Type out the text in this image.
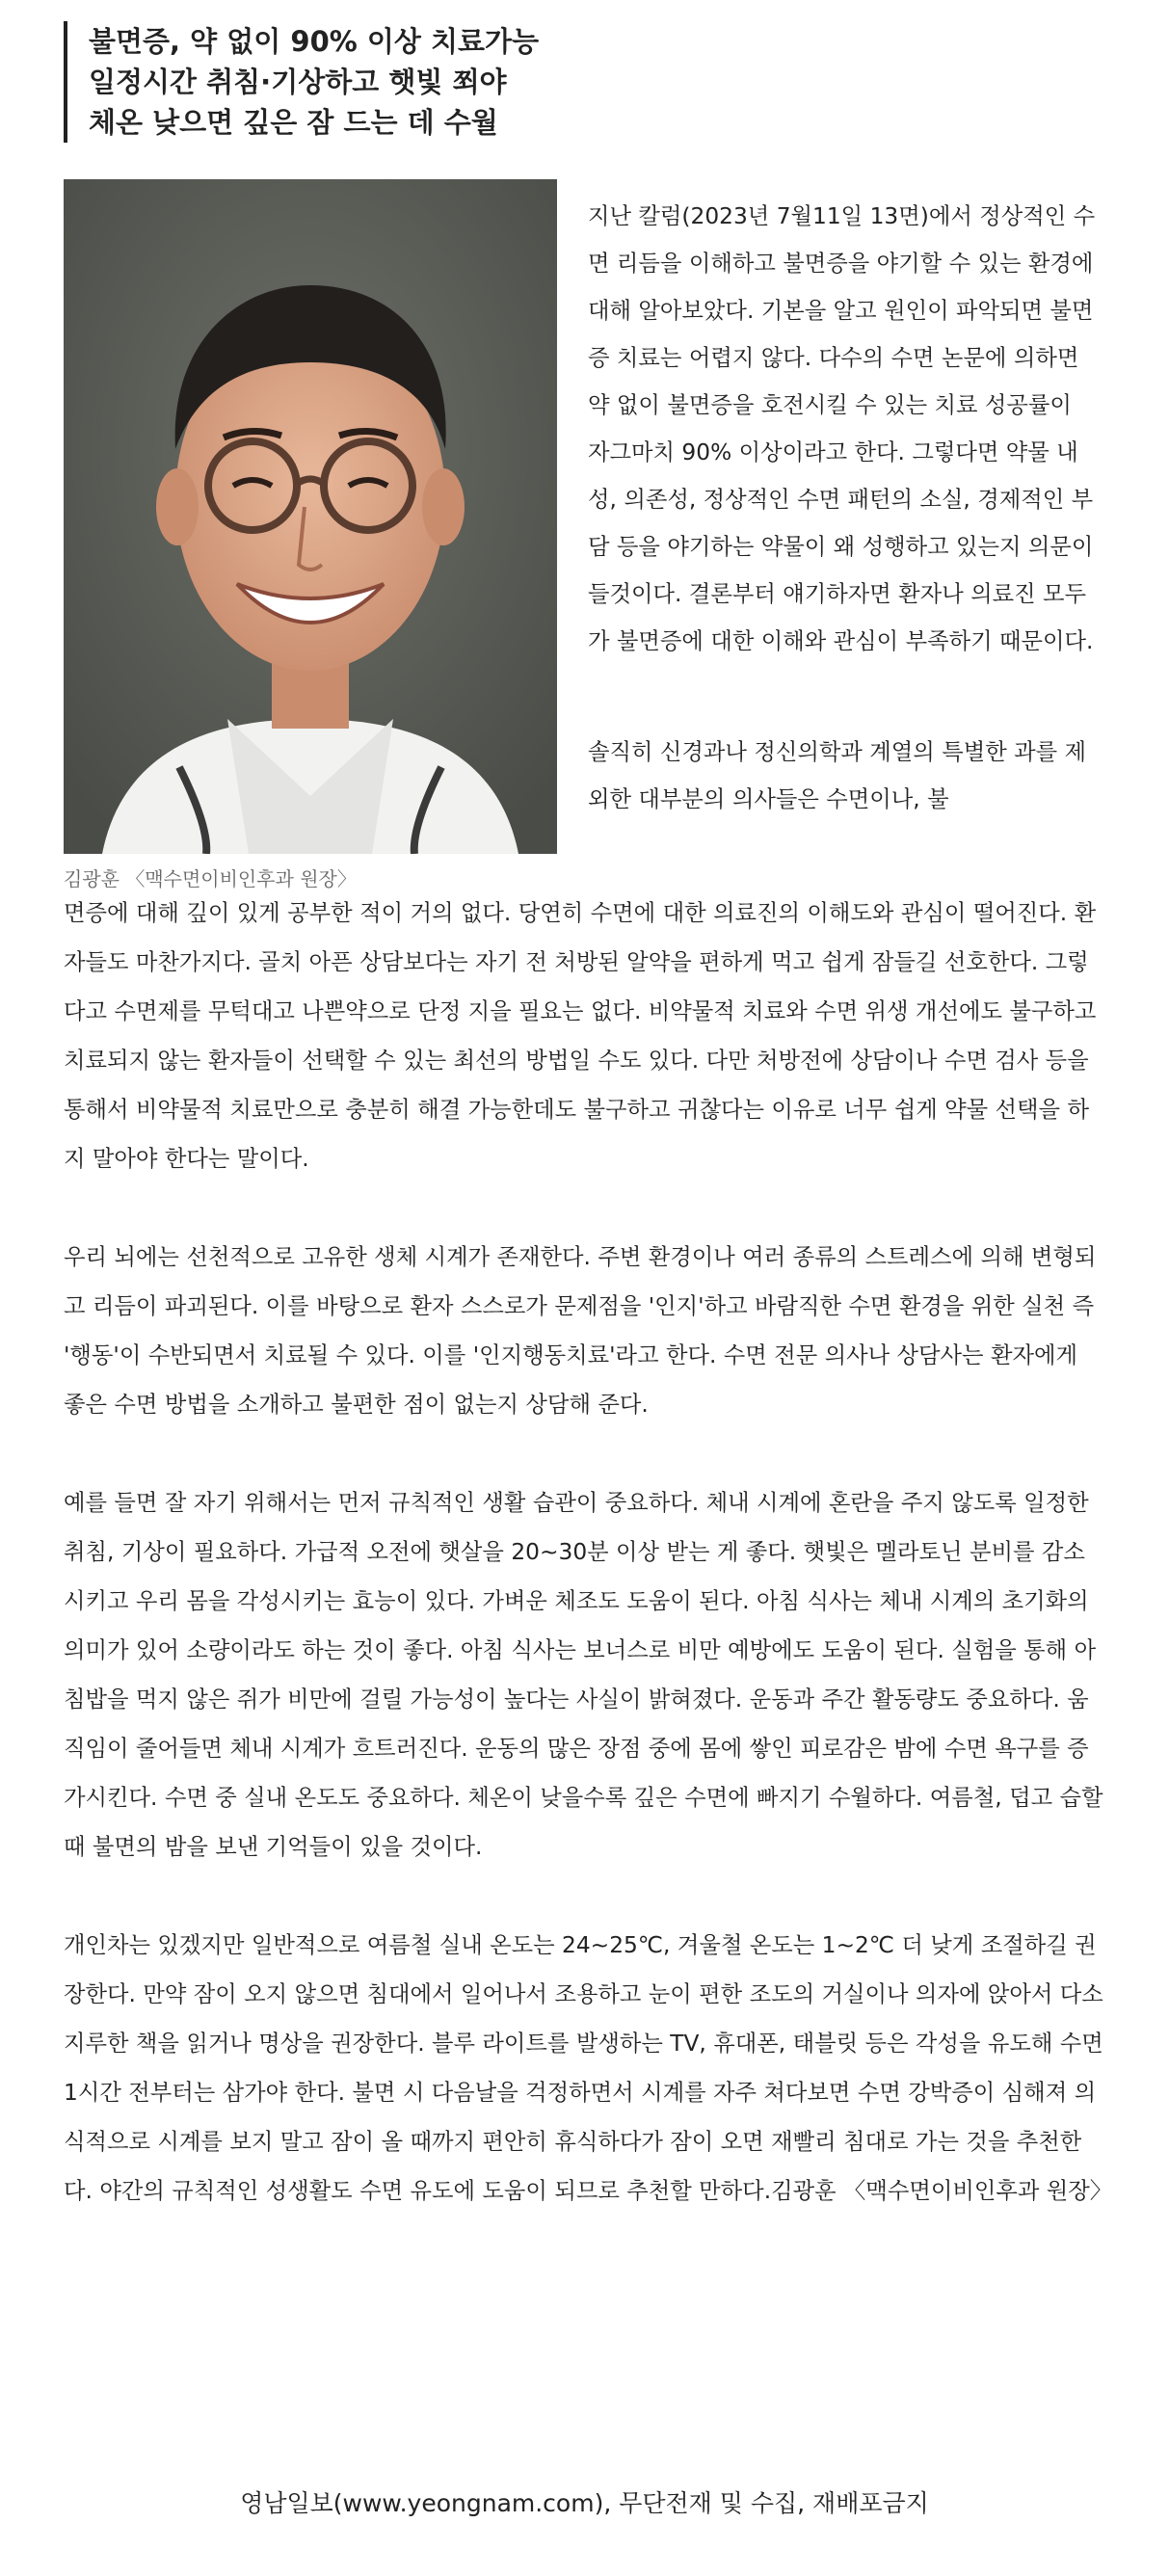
불면증, 약 없이 90% 이상 치료가능
일정시간 취침·기상하고 햇빛 쬐야
체온 낮으면 깊은 잠 드는 데 수월
김광훈 〈맥수면이비인후과 원장〉

지난 칼럼(2023년 7월11일 13면)에서 정상적인 수면 리듬을 이해하고 불면증을 야기할 수 있는 환경에 대해 알아보았다. 기본을 알고 원인이 파악되면 불면증 치료는 어렵지 않다. 다수의 수면 논문에 의하면 약 없이 불면증을 호전시킬 수 있는 치료 성공률이 자그마치 90% 이상이라고 한다. 그렇다면 약물 내성, 의존성, 정상적인 수면 패턴의 소실, 경제적인 부담 등을 야기하는 약물이 왜 성행하고 있는지 의문이 들것이다. 결론부터 얘기하자면 환자나 의료진 모두가 불면증에 대한 이해와 관심이 부족하기 때문이다.

솔직히 신경과나 정신의학과 계열의 특별한 과를 제외한 대부분의 의사들은 수면이나, 불

면증에 대해 깊이 있게 공부한 적이 거의 없다. 당연히 수면에 대한 의료진의 이해도와 관심이 떨어진다. 환자들도 마찬가지다. 골치 아픈 상담보다는 자기 전 처방된 알약을 편하게 먹고 쉽게 잠들길 선호한다. 그렇다고 수면제를 무턱대고 나쁜약으로 단정 지을 필요는 없다. 비약물적 치료와 수면 위생 개선에도 불구하고 치료되지 않는 환자들이 선택할 수 있는 최선의 방법일 수도 있다. 다만 처방전에 상담이나 수면 검사 등을 통해서 비약물적 치료만으로 충분히 해결 가능한데도 불구하고 귀찮다는 이유로 너무 쉽게 약물 선택을 하지 말아야 한다는 말이다.

우리 뇌에는 선천적으로 고유한 생체 시계가 존재한다. 주변 환경이나 여러 종류의 스트레스에 의해 변형되고 리듬이 파괴된다. 이를 바탕으로 환자 스스로가 문제점을 '인지'하고 바람직한 수면 환경을 위한 실천 즉 '행동'이 수반되면서 치료될 수 있다. 이를 '인지행동치료'라고 한다. 수면 전문 의사나 상담사는 환자에게 좋은 수면 방법을 소개하고 불편한 점이 없는지 상담해 준다.

예를 들면 잘 자기 위해서는 먼저 규칙적인 생활 습관이 중요하다. 체내 시계에 혼란을 주지 않도록 일정한 취침, 기상이 필요하다. 가급적 오전에 햇살을 20~30분 이상 받는 게 좋다. 햇빛은 멜라토닌 분비를 감소시키고 우리 몸을 각성시키는 효능이 있다. 가벼운 체조도 도움이 된다. 아침 식사는 체내 시계의 초기화의 의미가 있어 소량이라도 하는 것이 좋다. 아침 식사는 보너스로 비만 예방에도 도움이 된다. 실험을 통해 아침밥을 먹지 않은 쥐가 비만에 걸릴 가능성이 높다는 사실이 밝혀졌다. 운동과 주간 활동량도 중요하다. 움직임이 줄어들면 체내 시계가 흐트러진다. 운동의 많은 장점 중에 몸에 쌓인 피로감은 밤에 수면 욕구를 증가시킨다. 수면 중 실내 온도도 중요하다. 체온이 낮을수록 깊은 수면에 빠지기 수월하다. 여름철, 덥고 습할 때 불면의 밤을 보낸 기억들이 있을 것이다.

개인차는 있겠지만 일반적으로 여름철 실내 온도는 24~25℃, 겨울철 온도는 1~2℃ 더 낮게 조절하길 권장한다. 만약 잠이 오지 않으면 침대에서 일어나서 조용하고 눈이 편한 조도의 거실이나 의자에 앉아서 다소 지루한 책을 읽거나 명상을 권장한다. 블루 라이트를 발생하는 TV, 휴대폰, 태블릿 등은 각성을 유도해 수면 1시간 전부터는 삼가야 한다. 불면 시 다음날을 걱정하면서 시계를 자주 쳐다보면 수면 강박증이 심해져 의식적으로 시계를 보지 말고 잠이 올 때까지 편안히 휴식하다가 잠이 오면 재빨리 침대로 가는 것을 추천한다. 야간의 규칙적인 성생활도 수면 유도에 도움이 되므로 추천할 만하다.김광훈 〈맥수면이비인후과 원장〉

영남일보(www.yeongnam.com), 무단전재 및 수집, 재배포금지
